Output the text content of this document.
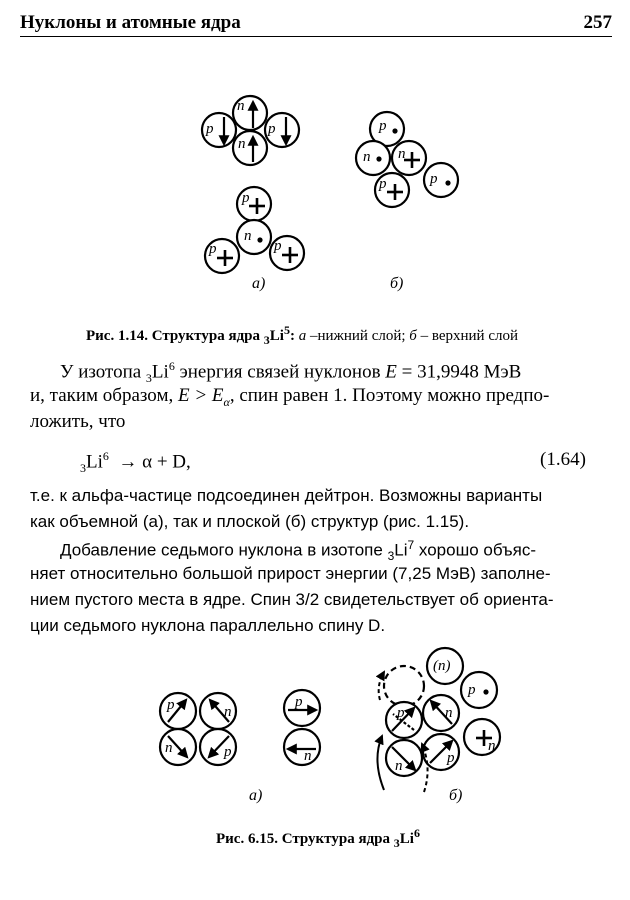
Нуклоны и атомные ядра	257
n
p	p
n
p
n
p	p
а)
p
n n
p	p
б)
p	n
n	p
p
n
а)
(n)
p
n
p
n
p
n
б)
Рис. 1.14. Структура ядра $_3Li^5$: а –нижний слой; б – верхний слой
У изотопа $_3Li^6$ энергия связей нуклонов E = 31,9948 МэВ
и, таким образом, $E > E_\alpha$, спин равен 1. Поэтому можно предпо-
ложить, что
$_3Li^6 \to \alpha + D$,	(1.64)
т.е. к альфа-частице подсоединен дейтрон. Возможны варианты
как объемной (а), так и плоской (б) структур (рис. 1.15).
Добавление седьмого нуклона в изотопе $_3Li^7$ хорошо объяс-
няет относительно большой прирост энергии (7,25 МэВ) заполне-
нием пустого места в ядре. Спин 3/2 свидетельствует об ориента-
ции седьмого нуклона параллельно спину D.
Рис. 6.15. Структура ядра $_3Li^6$
